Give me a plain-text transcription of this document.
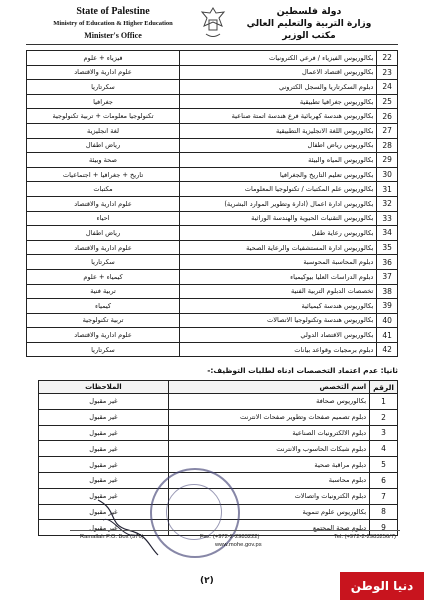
State of Palestine
Ministry of Education & Higher Education
Minister's Office
دولة فلسطين
وزارة التربية والتعليم العالي
مكتب الوزير
فيزياء + علوم	بكالوريوس الفيزياء / فرعي الكترونيات	22
علوم ادارية والاقتصاد	بكالوريوس اقتصاد الاعمال	23
سكرتاريا	دبلوم السكرتاريا والسجل الكتروني	24
جغرافيا	بكالوريوس جغرافيا تطبيقية	25
تكنولوجيا معلومات + تربية تكنولوجية	بكالوريوس هندسة كهربائية فرع هندسة اتمتة صناعية	26
لغة انجليزية	بكالوريوس اللغة الانجليزية التطبيقية	27
رياض اطفال	بكالوريوس رياض اطفال	28
صحة وبيئة	بكالوريوس المياه والبيئة	29
تاريخ + جغرافيا + اجتماعيات	بكالوريوس تعليم التاريخ والجغرافيا	30
مكتبات	بكالوريوس علم المكتبات / تكنولوجيا المعلومات	31
علوم ادارية والاقتصاد	بكالوريوس ادارة اعمال (ادارة وتطوير الموارد البشرية)	32
احياء	بكالوريوس التقنيات الحيوية والهندسة الوراثية	33
رياض اطفال	بكالوريوس رعاية طفل	34
علوم ادارية والاقتصاد	بكالوريوس ادارة المستشفيات والرعاية الصحية	35
سكرتاريا	دبلوم المحاسبة المحوسبة	36
كيمياء + علوم	دبلوم الدراسات العليا بيوكيمياء	37
تربية فنية	تخصصات الدبلوم التربية الفنية	38
كيمياء	بكالوريوس هندسة كيميائية	39
تربية تكنولوجية	بكالوريوس هندسة وتكنولوجيا الاتصالات	40
علوم ادارية والاقتصاد	بكالوريوس الاقتصاد الدولي	41
سكرتاريا	دبلوم برمجيات وقواعد بيانات	42
ثانيا: عدم اعتماد التخصصات ادناه لطلبات التوظيف:-
الملاحظات	اسم التخصص	الرقم
غير مقبول	بكالوريوس صحافة	1
غير مقبول	دبلوم تصميم صفحات وتطوير صفحات الانترنت	2
غير مقبول	دبلوم الالكترونيات الصناعية	3
غير مقبول	دبلوم شبكات الحاسوب والانترنت	4
غير مقبول	دبلوم مراقبة صحية	5
غير مقبول	دبلوم محاسبة	6
غير مقبول	دبلوم الكترونيات واتصالات	7
غير مقبول	بكالوريوس علوم تنموية	8
غير مقبول	دبلوم صحة المجتمع	9
Ramallah P.O. Box (576)	Fax: (+972-2-2983222)	Tel. (+972-2-2983256/7)
www.mohe.gov.ps
(٢)	دنيا الوطن
